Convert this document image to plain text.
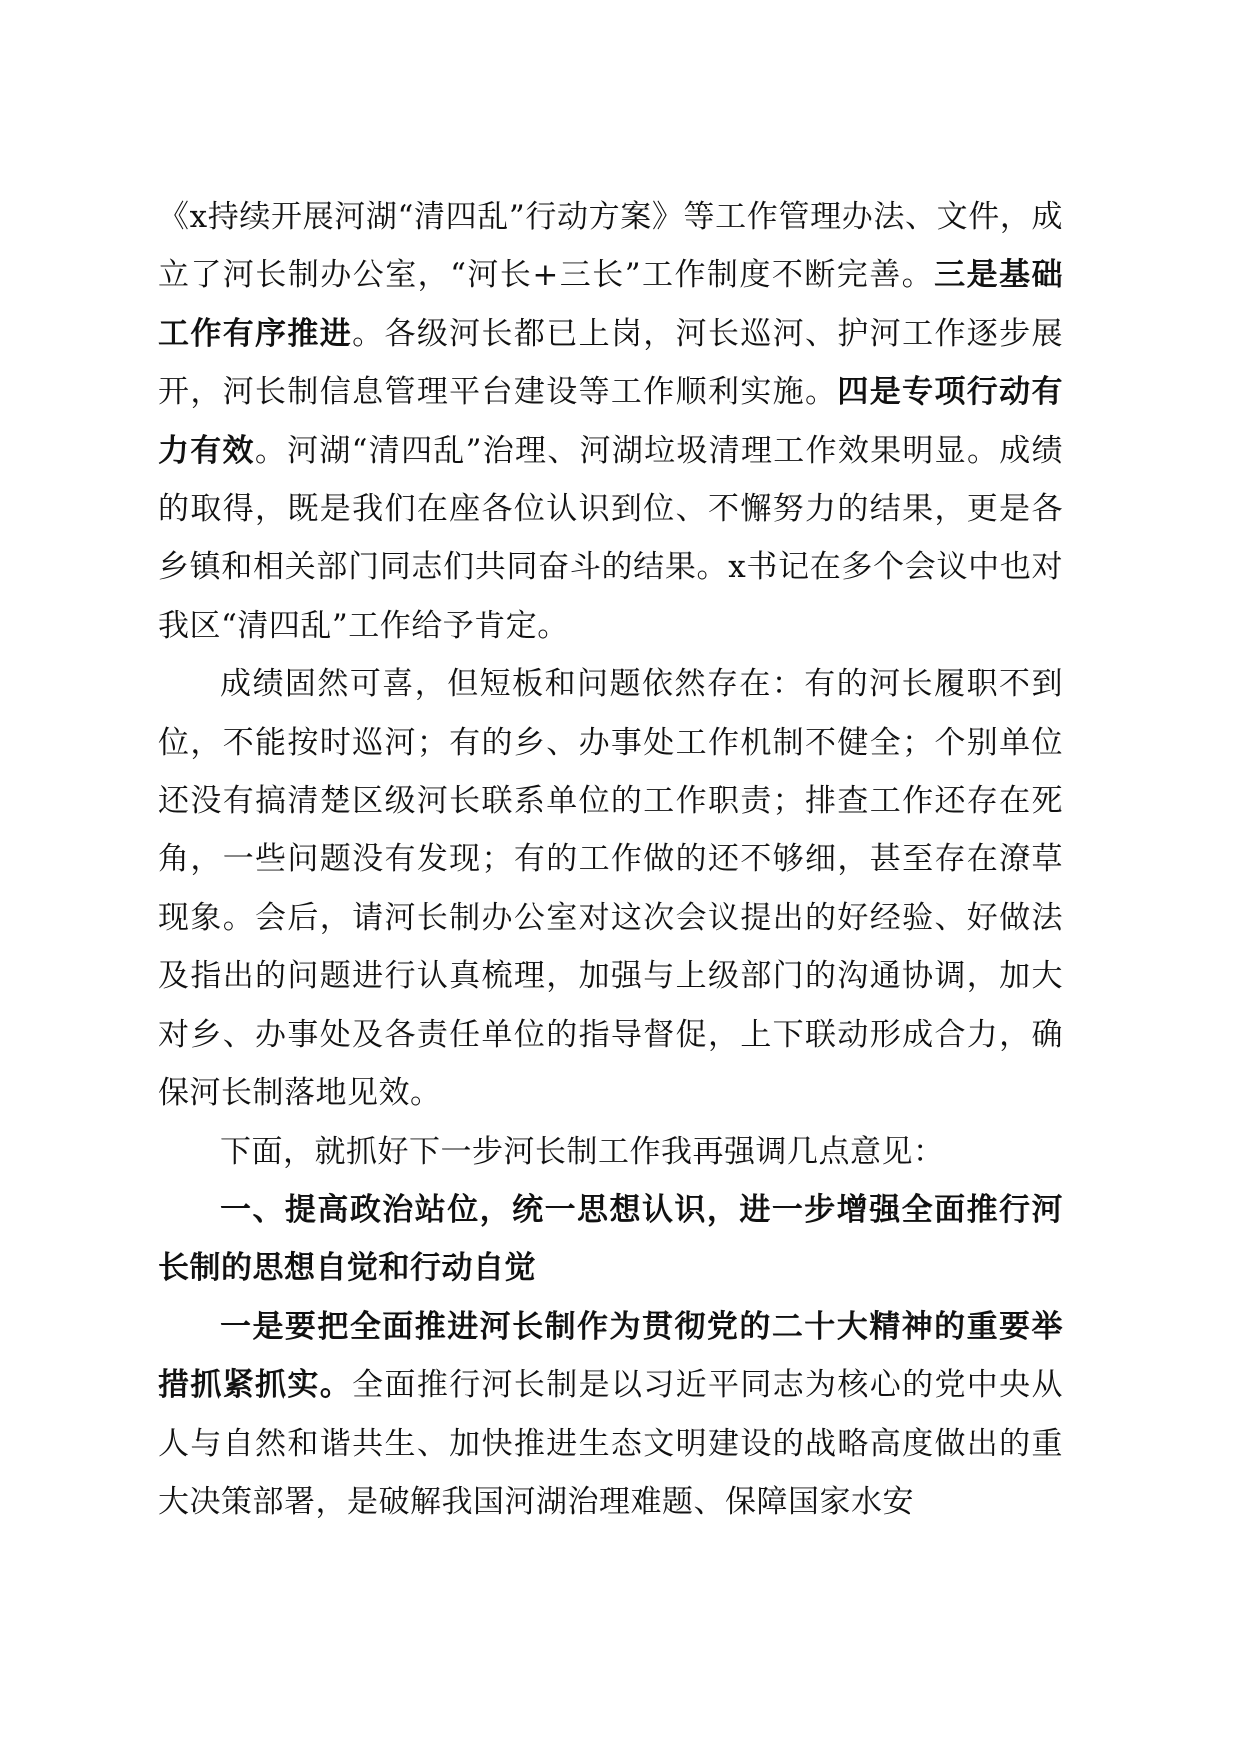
《x持续开展河湖“清四乱”行动方案》等工作管理办法、文件，成立了河长制办公室，“河长+三长”工作制度不断完善。三是基础工作有序推进。各级河长都已上岗，河长巡河、护河工作逐步展开，河长制信息管理平台建设等工作顺利实施。四是专项行动有力有效。河湖“清四乱”治理、河湖垃圾清理工作效果明显。成绩的取得，既是我们在座各位认识到位、不懈努力的结果，更是各乡镇和相关部门同志们共同奋斗的结果。x书记在多个会议中也对我区“清四乱”工作给予肯定。

成绩固然可喜，但短板和问题依然存在：有的河长履职不到位，不能按时巡河；有的乡、办事处工作机制不健全；个别单位还没有搞清楚区级河长联系单位的工作职责；排查工作还存在死角，一些问题没有发现；有的工作做的还不够细，甚至存在潦草现象。会后，请河长制办公室对这次会议提出的好经验、好做法及指出的问题进行认真梳理，加强与上级部门的沟通协调，加大对乡、办事处及各责任单位的指导督促，上下联动形成合力，确保河长制落地见效。

下面，就抓好下一步河长制工作我再强调几点意见：

一、提高政治站位，统一思想认识，进一步增强全面推行河长制的思想自觉和行动自觉

一是要把全面推进河长制作为贯彻党的二十大精神的重要举措抓紧抓实。全面推行河长制是以习近平同志为核心的党中央从人与自然和谐共生、加快推进生态文明建设的战略高度做出的重大决策部署，是破解我国河湖治理难题、保障国家水安
